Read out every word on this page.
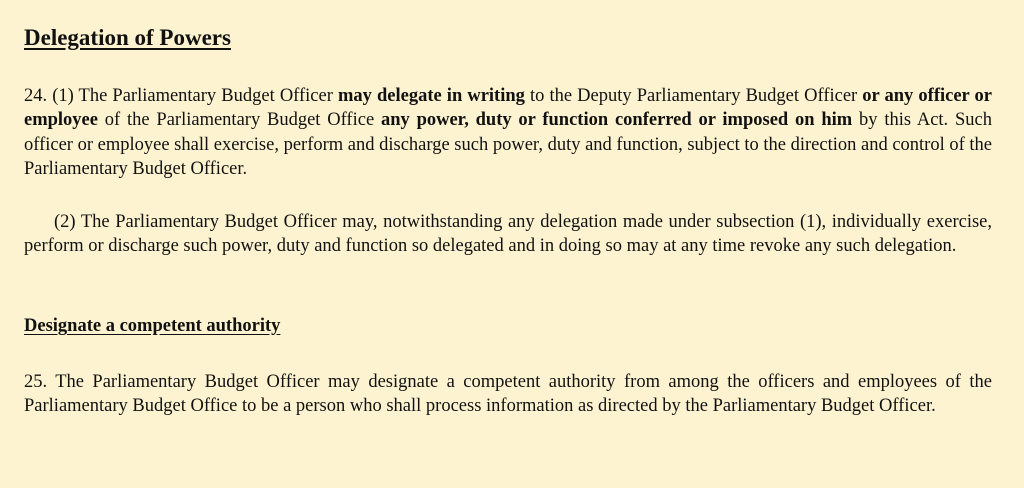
Delegation of Powers

24. (1) The Parliamentary Budget Officer may delegate in writing to the Deputy Parliamentary Budget Officer or any officer or employee of the Parliamentary Budget Office any power, duty or function conferred or imposed on him by this Act. Such officer or employee shall exercise, perform and discharge such power, duty and function, subject to the direction and control of the Parliamentary Budget Officer.

(2) The Parliamentary Budget Officer may, notwithstanding any delegation made under subsection (1), individually exercise, perform or discharge such power, duty and function so delegated and in doing so may at any time revoke any such delegation.

Designate a competent authority

25. The Parliamentary Budget Officer may designate a competent authority from among the officers and employees of the Parliamentary Budget Office to be a person who shall process information as directed by the Parliamentary Budget Officer.
